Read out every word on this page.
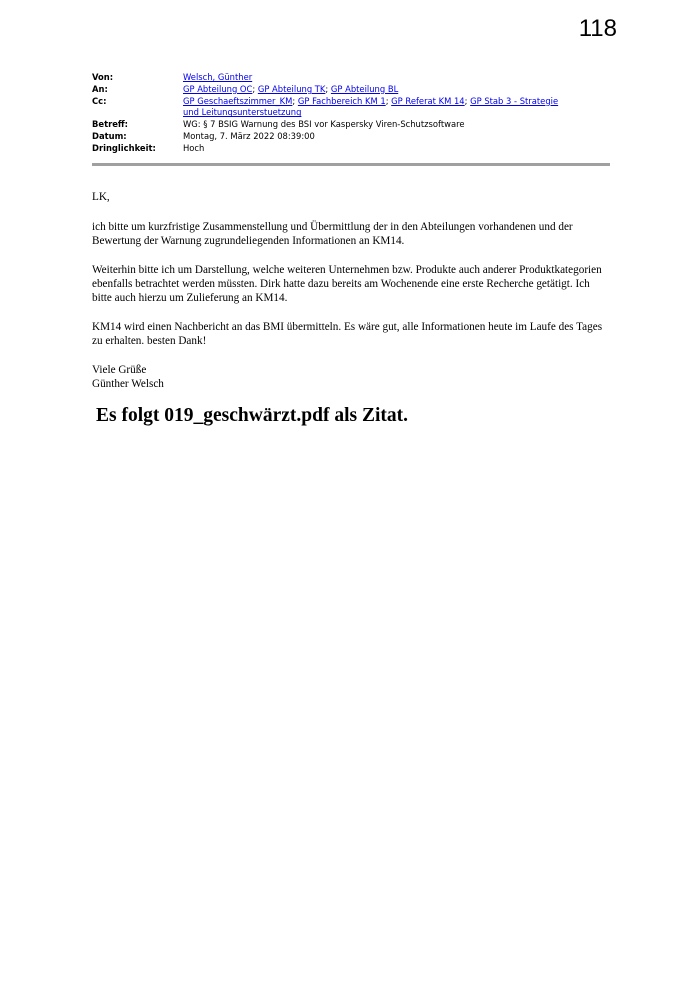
118
Von:	Welsch, Günther
An:	GP Abteilung OC; GP Abteilung TK; GP Abteilung BL
Cc:	GP Geschaeftszimmer_KM; GP Fachbereich KM 1; GP Referat KM 14; GP Stab 3 - Strategie und Leitungsunterstuetzung
Betreff:	WG: § 7 BSIG Warnung des BSI vor Kaspersky Viren-Schutzsoftware
Datum:	Montag, 7. März 2022 08:39:00
Dringlichkeit:	Hoch

LK,

ich bitte um kurzfristige Zusammenstellung und Übermittlung der in den Abteilungen vorhandenen und der Bewertung der Warnung zugrundeliegenden Informationen an KM14.

Weiterhin bitte ich um Darstellung, welche weiteren Unternehmen bzw. Produkte auch anderer Produktkategorien ebenfalls betrachtet werden müssten. Dirk hatte dazu bereits am Wochenende eine erste Recherche getätigt. Ich bitte auch hierzu um Zulieferung an KM14.

KM14 wird einen Nachbericht an das BMI übermitteln. Es wäre gut, alle Informationen heute im Laufe des Tages zu erhalten. besten Dank!

Viele Grüße

Günther Welsch

Es folgt 019_geschwärzt.pdf als Zitat.
